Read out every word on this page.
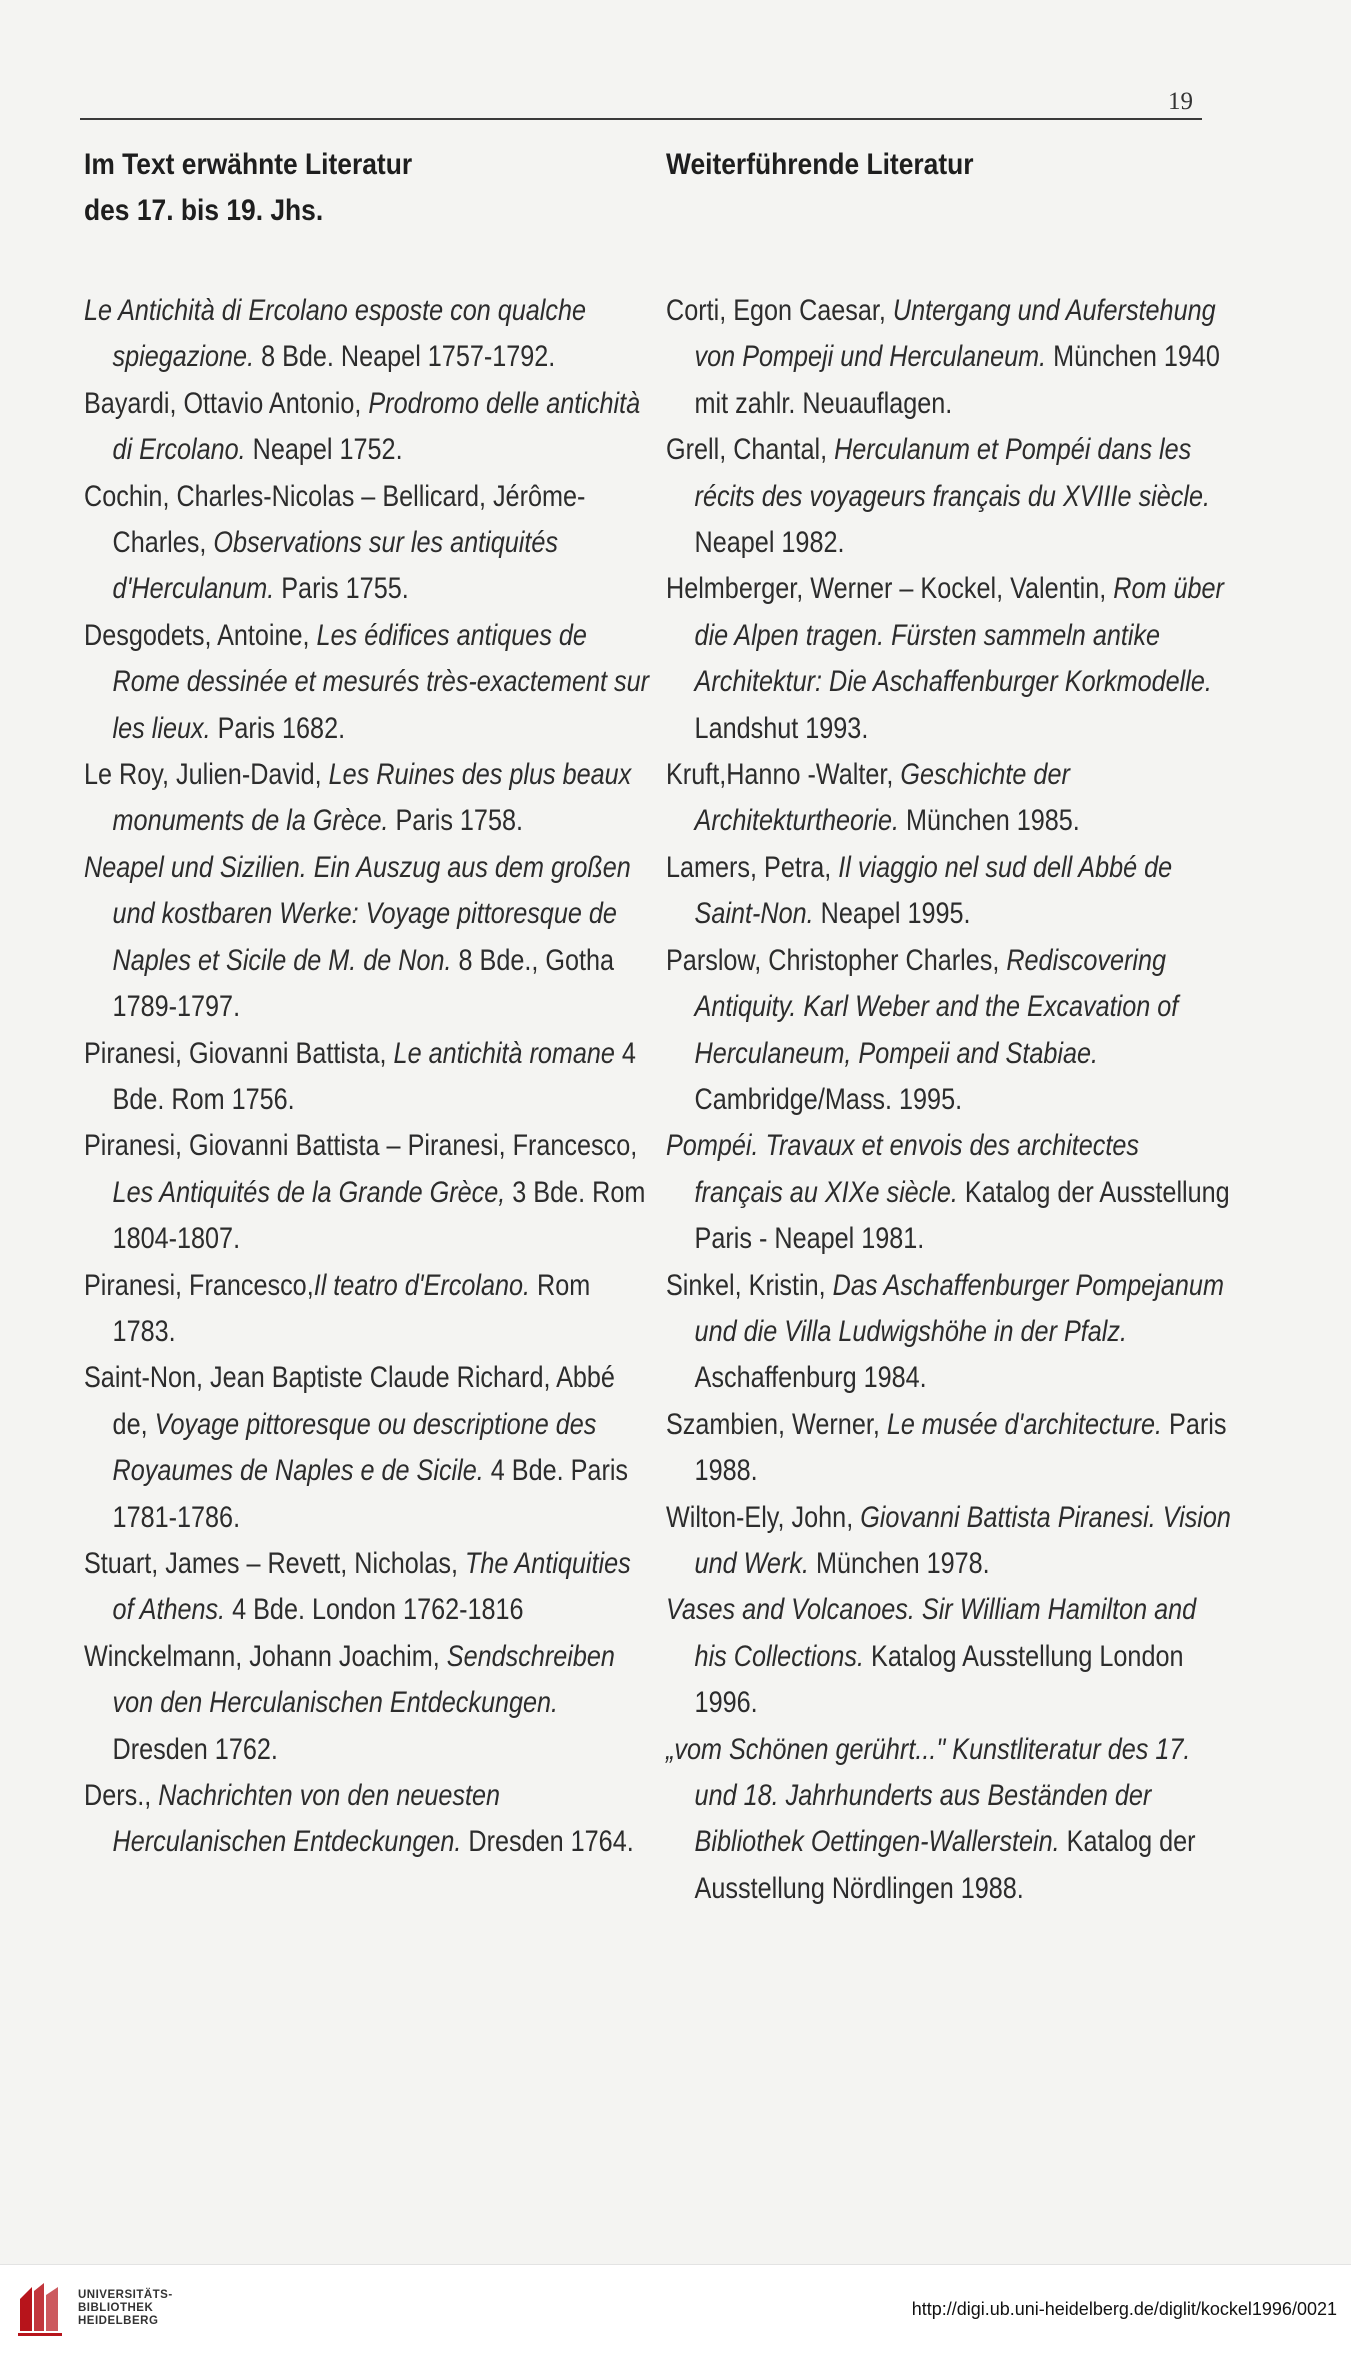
19
Im Text erwähnte Literatur
des 17. bis 19. Jhs.
Le Antichità di Ercolano esposte con qualche spiegazione. 8 Bde. Neapel 1757-1792.
Bayardi, Ottavio Antonio, Prodromo delle antichità di Ercolano. Neapel 1752.
Cochin, Charles-Nicolas – Bellicard, Jérôme-Charles, Observations sur les antiquités d'Herculanum. Paris 1755.
Desgodets, Antoine, Les édifices antiques de Rome dessinée et mesurés très-exactement sur les lieux. Paris 1682.
Le Roy, Julien-David, Les Ruines des plus beaux monuments de la Grèce. Paris 1758.
Neapel und Sizilien. Ein Auszug aus dem großen und kostbaren Werke: Voyage pittoresque de Naples et Sicile de M. de Non. 8 Bde., Gotha 1789-1797.
Piranesi, Giovanni Battista, Le antichità romane 4 Bde. Rom 1756.
Piranesi, Giovanni Battista – Piranesi, Francesco, Les Antiquités de la Grande Grèce, 3 Bde. Rom 1804-1807.
Piranesi, Francesco,Il teatro d'Ercolano. Rom 1783.
Saint-Non, Jean Baptiste Claude Richard, Abbé de, Voyage pittoresque ou descriptione des Royaumes de Naples e de Sicile. 4 Bde. Paris 1781-1786.
Stuart, James – Revett, Nicholas, The Antiquities of Athens. 4 Bde. London 1762-1816
Winckelmann, Johann Joachim, Sendschreiben von den Herculanischen Entdeckungen. Dresden 1762.
Ders., Nachrichten von den neuesten Herculanischen Entdeckungen. Dresden 1764.
Weiterführende Literatur
Corti, Egon Caesar, Untergang und Auferstehung von Pompeji und Herculaneum. München 1940 mit zahlr. Neuauflagen.
Grell, Chantal, Herculanum et Pompéi dans les récits des voyageurs français du XVIIIe siècle. Neapel 1982.
Helmberger, Werner – Kockel, Valentin, Rom über die Alpen tragen. Fürsten sammeln antike Architektur: Die Aschaffenburger Korkmodelle. Landshut 1993.
Kruft,Hanno -Walter, Geschichte der Architekturtheorie. München 1985.
Lamers, Petra, Il viaggio nel sud dell Abbé de Saint-Non. Neapel 1995.
Parslow, Christopher Charles, Rediscovering Antiquity. Karl Weber and the Excavation of Herculaneum, Pompeii and Stabiae. Cambridge/Mass. 1995.
Pompéi. Travaux et envois des architectes français au XIXe siècle. Katalog der Ausstellung Paris - Neapel 1981.
Sinkel, Kristin, Das Aschaffenburger Pompejanum und die Villa Ludwigshöhe in der Pfalz. Aschaffenburg 1984.
Szambien, Werner, Le musée d'architecture. Paris 1988.
Wilton-Ely, John, Giovanni Battista Piranesi. Vision und Werk. München 1978.
Vases and Volcanoes. Sir William Hamilton and his Collections. Katalog Ausstellung London 1996.
„vom Schönen gerührt..." Kunstliteratur des 17. und 18. Jahrhunderts aus Beständen der Bibliothek Oettingen-Wallerstein. Katalog der Ausstellung Nördlingen 1988.
UNIVERSITÄTS-
BIBLIOTHEK
HEIDELBERG
http://digi.ub.uni-heidelberg.de/diglit/kockel1996/0021
